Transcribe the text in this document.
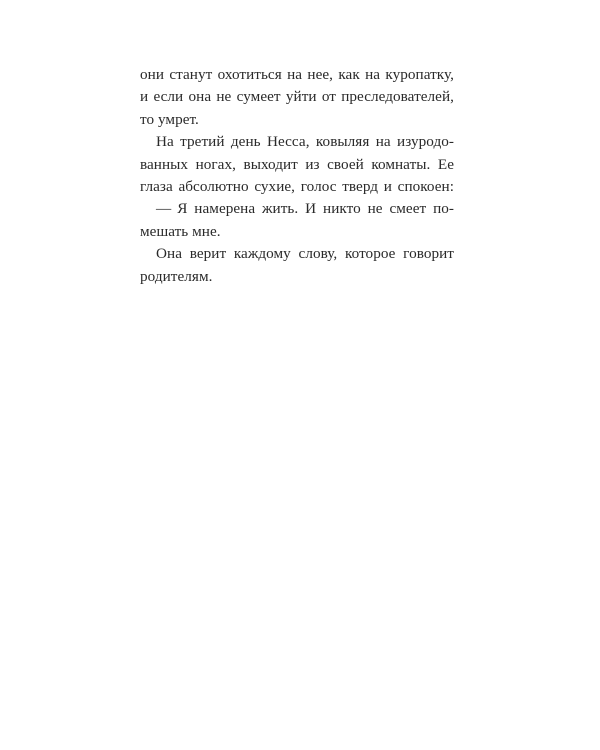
они станут охотиться на нее, как на куропатку,
и если она не сумеет уйти от преследователей,
то умрет.
На третий день Несса, ковыляя на изуродо-
ванных ногах, выходит из своей комнаты. Ее
глаза абсолютно сухие, голос тверд и спокоен:
— Я намерена жить. И никто не смеет по-
мешать мне.
Она верит каждому слову, которое говорит
родителям.
